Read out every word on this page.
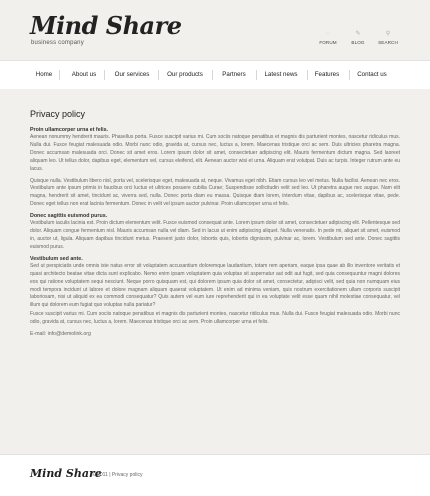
Mind Share
business company
◌
FORUM
✎
BLOG
⚲
SEARCH
Home	About us	Our services	Our products	Partners	Latest news	Features	Contact us
Privacy policy

Proin ullamcorper urna et felis.

Aenean nonummy hendrerit mauris. Phasellus porta. Fusce suscipit varius mi. Cum sociis natoque penatibus et magnis dis parturient montes, nascetur ridiculus mus. Nulla dui. Fusce feugiat malesuada odio. Morbi nunc odio, gravida at, cursus nec, luctus a, lorem. Maecenas tristique orci ac sem. Duis ultricies pharetra magna. Donec accumsan malesuada orci. Donec sit amet eros. Lorem ipsum dolor sit amet, consectetuer adipiscing elit. Mauris fermentum dictum magna. Sed laoreet aliquam leo. Ut tellus dolor, dapibus eget, elementum vel, cursus eleifend, elit. Aenean auctor wisi et urna. Aliquam erat volutpat. Duis ac turpis. Integer rutrum ante eu lacus.

Quisque nulla. Vestibulum libero nisl, porta vel, scelerisque eget, malesuada at, neque. Vivamus eget nibh. Etiam cursus leo vel metus. Nulla facilisi. Aenean nec eros. Vestibulum ante ipsum primis in faucibus orci luctus et ultrices posuere cubilia Curae; Suspendisse sollicitudin velit sed leo. Ut pharetra augue nec augue. Nam elit magna, hendrerit sit amet, tincidunt ac, viverra sed, nulla. Donec porta diam eu massa. Quisque diam lorem, interdum vitae, dapibus ac, scelerisque vitae, pede. Donec eget tellus non erat lacinia fermentum. Donec in velit vel ipsum auctor pulvinar. Proin ullamcorper urna et felis.

Donec sagittis euismod purus.

Vestibulum iaculis lacinia est. Proin dictum elementum velit. Fusce euismod consequat ante. Lorem ipsum dolor sit amet, consectetuer adipiscing elit. Pellentesque sed dolor. Aliquam congue fermentum nisl. Mauris accumsan nulla vel diam. Sed in lacus ut enim adipiscing aliquet. Nulla venenatis. In pede mi, aliquet sit amet, euismod in, auctor ut, ligula. Aliquam dapibus tincidunt metus. Praesent justo dolor, lobortis quis, lobortis dignissim, pulvinar ac, lorem. Vestibulum sed ante. Donec sagittis euismod purus.

Vestibulum sed ante.

Sed ut perspiciatis unde omnis iste natus error sit voluptatem accusantium doloremque laudantium, totam rem aperiam, eaque ipsa quae ab illo inventore veritatis et quasi architecto beatae vitae dicta sunt explicabo. Nemo enim ipsam voluptatem quia voluptas sit aspernatur aut odit aut fugit, sed quia consequuntur magni dolores eos qui ratione voluptatem sequi nesciunt. Neque porro quisquam est, qui dolorem ipsum quia dolor sit amet, consectetur, adipisci velit, sed quia non numquam eius modi tempora incidunt ut labore et dolore magnam aliquam quaerat voluptatem. Ut enim ad minima veniam, quis nostrum exercitationem ullam corporis suscipit laboriosam, nisi ut aliquid ex ea commodi consequatur? Quis autem vel eum iure reprehenderit qui in ea voluptate velit esse quam nihil molestiae consequatur, vel illum qui dolorem eum fugiat quo voluptas nulla pariatur?

Fusce suscipit varius mi. Cum sociis natoque penatibus et magnis dis parturient montes, nascetur ridiculus mus. Nulla dui. Fusce feugiat malesuada odio. Morbi nunc odio, gravida at, cursus nec, luctus a, lorem. Maecenas tristique orci ac sem. Proin ullamcorper urna et felis.

E-mail: info@demolink.org
Mind Share
© 2011 | Privacy policy
